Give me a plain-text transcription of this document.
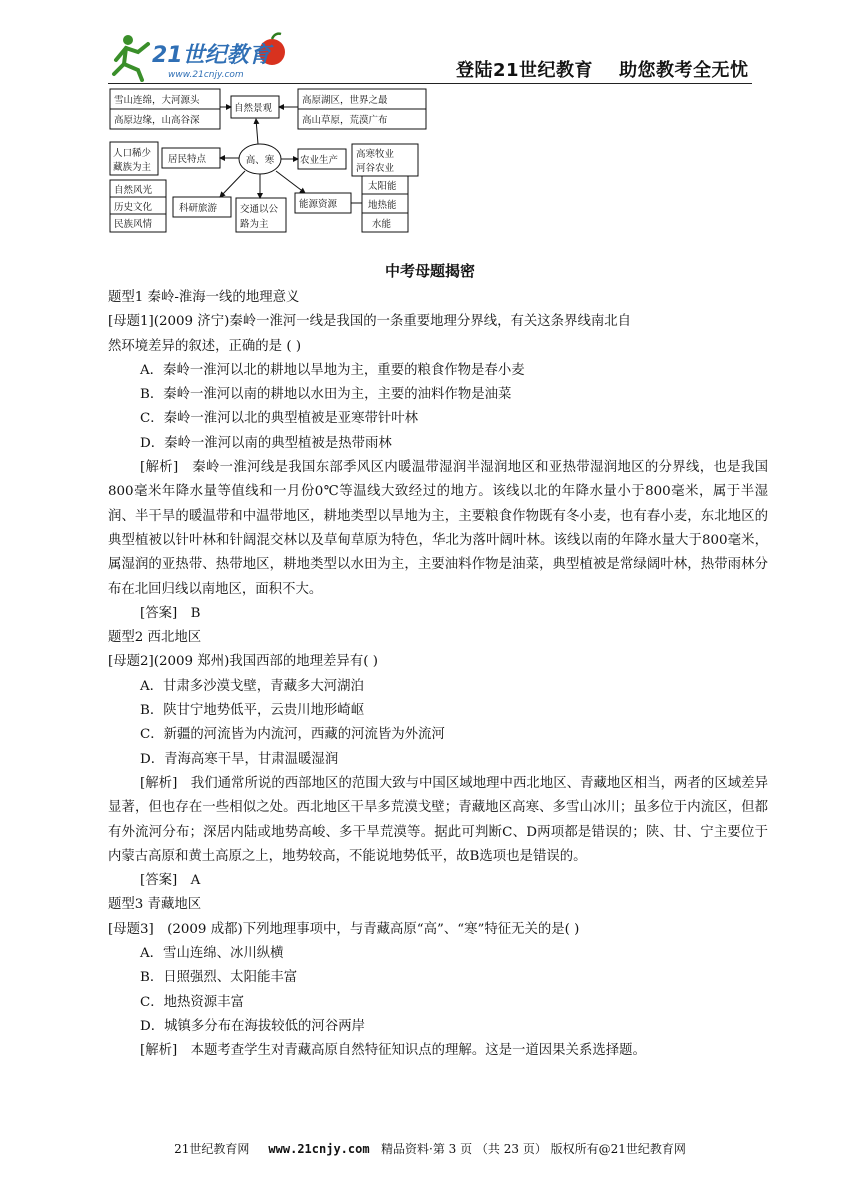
21世纪教育
www.21cnjy.com	登陆21世纪教育 助您教考全无忧
雪山连绵，大河源头
高原边缘，山高谷深
自然景观
高原湖区，世界之最
高山草原，荒漠广布
高、寒
人口稀少
藏族为主
居民特点	农业生产
高寒牧业
河谷农业
自然风光
历史文化
民族风情
科研旅游 交通以公
路为主
能源资源
太阳能
地热能
水能
中考母题揭密
题型1 秦岭-淮海一线的地理意义
[母题1](2009 济宁)秦岭一淮河一线是我国的一条重要地理分界线，有关这条界线南北自
然环境差异的叙述，正确的是 ( )
A．秦岭一淮河以北的耕地以旱地为主，重要的粮食作物是春小麦
B．秦岭一淮河以南的耕地以水田为主，主要的油料作物是油菜
C．秦岭一淮河以北的典型植被是亚寒带针叶林
D．秦岭一淮河以南的典型植被是热带雨林

[解析]　秦岭一淮河线是我国东部季风区内暖温带湿润半湿润地区和亚热带湿润地区的分界线，也是我国800毫米年降水量等值线和一月份0℃等温线大致经过的地方。该线以北的年降水量小于800毫米，属于半湿润、半干旱的暖温带和中温带地区，耕地类型以旱地为主，主要粮食作物既有冬小麦，也有春小麦，东北地区的典型植被以针叶林和针阔混交林以及草甸草原为特色，华北为落叶阔叶林。该线以南的年降水量大于800毫米，属湿润的亚热带、热带地区，耕地类型以水田为主，主要油料作物是油菜，典型植被是常绿阔叶林，热带雨林分布在北回归线以南地区，面积不大。

[答案]　B
题型2 西北地区
[母题2](2009 郑州)我国西部的地理差异有( )
A．甘肃多沙漠戈壁，青藏多大河湖泊
B．陕甘宁地势低平，云贵川地形崎岖
C．新疆的河流皆为内流河，西藏的河流皆为外流河
D．青海高寒干旱，甘肃温暖湿润

[解析]　我们通常所说的西部地区的范围大致与中国区域地理中西北地区、青藏地区相当，两者的区域差异显著，但也存在一些相似之处。西北地区干旱多荒漠戈壁；青藏地区高寒、多雪山冰川；虽多位于内流区，但都有外流河分布；深居内陆或地势高峻、多干旱荒漠等。据此可判断C、D两项都是错误的；陕、甘、宁主要位于内蒙古高原和黄土高原之上，地势较高，不能说地势低平，故B选项也是错误的。

[答案]　A
题型3 青藏地区
[母题3]　(2009 成都)下列地理事项中，与青藏高原“高”、“寒”特征无关的是( )
A．雪山连绵、冰川纵横
B．日照强烈、太阳能丰富
C．地热资源丰富
D．城镇多分布在海拔较低的河谷两岸
[解析]　本题考查学生对青藏高原自然特征知识点的理解。这是一道因果关系选择题。
21世纪教育网 www.21cnjy.com 精品资料·第 3 页 （共 23 页） 版权所有@21世纪教育网
